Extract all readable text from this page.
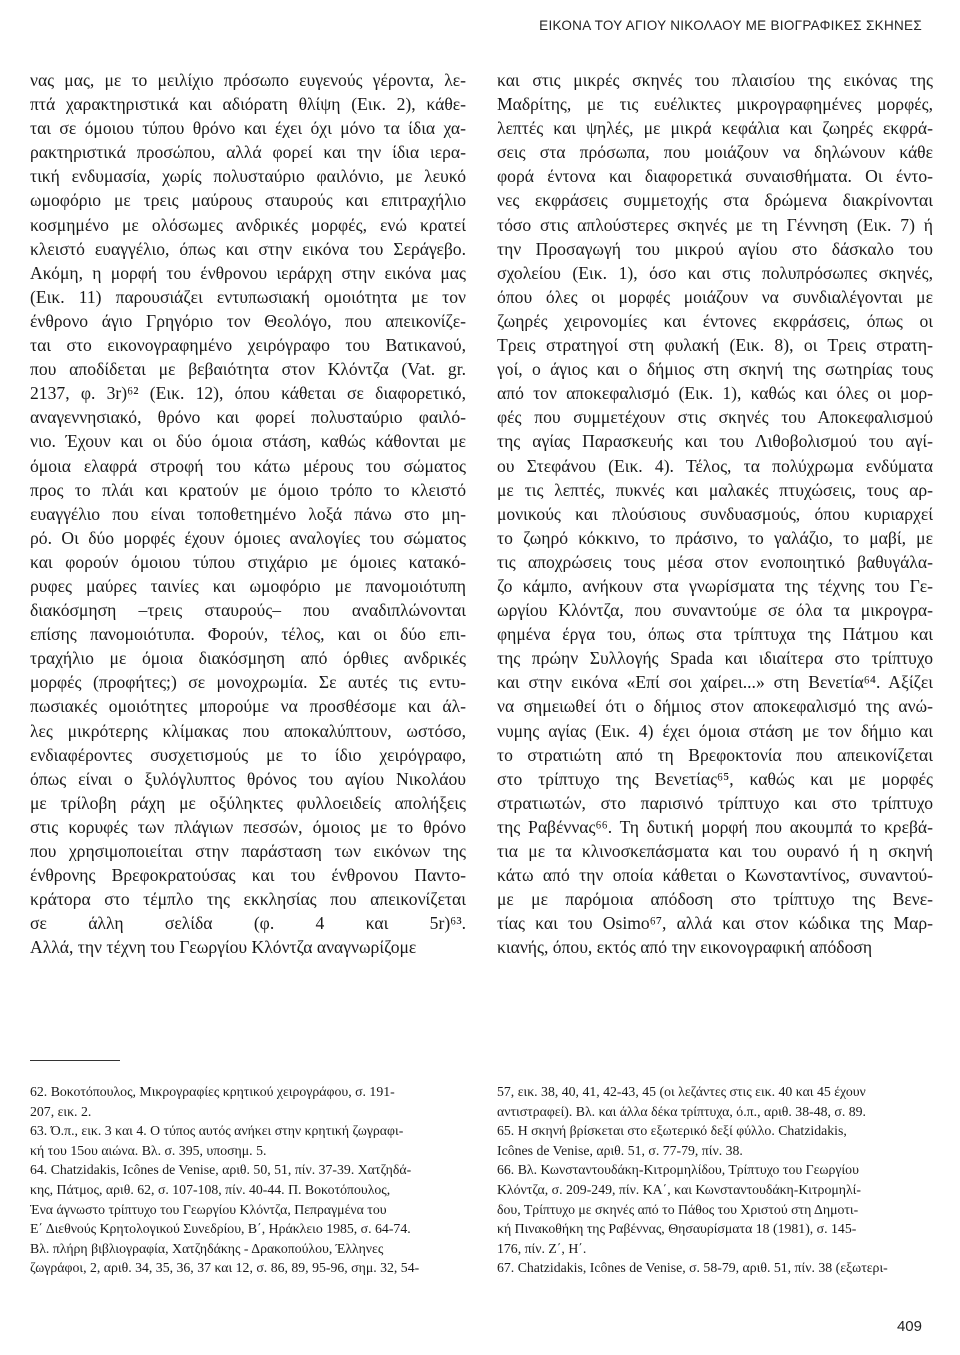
ΕΙΚΟΝΑ ΤΟΥ ΑΓΙΟΥ ΝΙΚΟΛΑΟΥ ΜΕ ΒΙΟΓΡΑΦΙΚΕΣ ΣΚΗΝΕΣ
νας μας, με το μειλίχιο πρόσωπο ευγενούς γέροντα, λε-
πτά χαρακτηριστικά και αδιόρατη θλίψη (Εικ. 2), κάθε-
ται σε όμοιου τύπου θρόνο και έχει όχι μόνο τα ίδια χα-
ρακτηριστικά προσώπου, αλλά φορεί και την ίδια ιερα-
τική ενδυμασία, χωρίς πολυσταύριο φαιλόνιο, με λευκό
ωμοφόριο με τρεις μαύρους σταυρούς και επιτραχήλιο
κοσμημένο με ολόσωμες ανδρικές μορφές, ενώ κρατεί
κλειστό ευαγγέλιο, όπως και στην εικόνα του Σεράγεβο.
Ακόμη, η μορφή του ένθρονου ιεράρχη στην εικόνα μας
(Εικ. 11) παρουσιάζει εντυπωσιακή ομοιότητα με τον
ένθρονο άγιο Γρηγόριο τον Θεολόγο, που απεικονίζε-
ται στο εικονογραφημένο χειρόγραφο του Βατικανού,
που αποδίδεται με βεβαιότητα στον Κλόντζα (Vat. gr.
2137, φ. 3r)⁶² (Εικ. 12), όπου κάθεται σε διαφορετικό,
αναγεννησιακό, θρόνο και φορεί πολυσταύριο φαιλό-
νιο. Έχουν και οι δύο όμοια στάση, καθώς κάθονται με
όμοια ελαφρά στροφή του κάτω μέρους του σώματος
προς το πλάι και κρατούν με όμοιο τρόπο το κλειστό
ευαγγέλιο που είναι τοποθετημένο λοξά πάνω στο μη-
ρό. Οι δύο μορφές έχουν όμοιες αναλογίες του σώματος
και φορούν όμοιου τύπου στιχάριο με όμοιες κατακό-
ρυφες μαύρες ταινίες και ωμοφόριο με πανομοιότυπη
διακόσμηση –τρεις σταυρούς– που αναδιπλώνονται
επίσης πανομοιότυπα. Φορούν, τέλος, και οι δύο επι-
τραχήλιο με όμοια διακόσμηση από όρθιες ανδρικές
μορφές (προφήτες;) σε μονοχρωμία. Σε αυτές τις εντυ-
πωσιακές ομοιότητες μπορούμε να προσθέσομε και άλ-
λες μικρότερης κλίμακας που αποκαλύπτουν, ωστόσο,
ενδιαφέροντες συσχετισμούς με το ίδιο χειρόγραφο,
όπως είναι ο ξυλόγλυπτος θρόνος του αγίου Νικολάου
με τρίλοβη ράχη με οξύληκτες φυλλοειδείς απολήξεις
στις κορυφές των πλάγιων πεσσών, όμοιος με το θρόνο
που χρησιμοποιείται στην παράσταση των εικόνων της
ένθρονης Βρεφοκρατούσας και του ένθρονου Παντο-
κράτορα στο τέμπλο της εκκλησίας που απεικονίζεται
σε άλλη σελίδα (φ. 4 και 5r)⁶³.
Αλλά, την τέχνη του Γεωργίου Κλόντζα αναγνωρίζομε
και στις μικρές σκηνές του πλαισίου της εικόνας της
Μαδρίτης, με τις ευέλικτες μικρογραφημένες μορφές,
λεπτές και ψηλές, με μικρά κεφάλια και ζωηρές εκφρά-
σεις στα πρόσωπα, που μοιάζουν να δηλώνουν κάθε
φορά έντονα και διαφορετικά συναισθήματα. Οι έντο-
νες εκφράσεις συμμετοχής στα δρώμενα διακρίνονται
τόσο στις απλούστερες σκηνές με τη Γέννηση (Εικ. 7) ή
την Προσαγωγή του μικρού αγίου στο δάσκαλο του
σχολείου (Εικ. 1), όσο και στις πολυπρόσωπες σκηνές,
όπου όλες οι μορφές μοιάζουν να συνδιαλέγονται με
ζωηρές χειρονομίες και έντονες εκφράσεις, όπως οι
Τρεις στρατηγοί στη φυλακή (Εικ. 8), οι Τρεις στρατη-
γοί, ο άγιος και ο δήμιος στη σκηνή της σωτηρίας τους
από τον αποκεφαλισμό (Εικ. 1), καθώς και όλες οι μορ-
φές που συμμετέχουν στις σκηνές του Αποκεφαλισμού
της αγίας Παρασκευής και του Λιθοβολισμού του αγί-
ου Στεφάνου (Εικ. 4). Τέλος, τα πολύχρωμα ενδύματα
με τις λεπτές, πυκνές και μαλακές πτυχώσεις, τους αρ-
μονικούς και πλούσιους συνδυασμούς, όπου κυριαρχεί
το ζωηρό κόκκινο, το πράσινο, το γαλάζιο, το μαβί, με
τις αποχρώσεις τους μέσα στον ενοποιητικό βαθυγάλα-
ζο κάμπο, ανήκουν στα γνωρίσματα της τέχνης του Γε-
ωργίου Κλόντζα, που συναντούμε σε όλα τα μικρογρα-
φημένα έργα του, όπως στα τρίπτυχα της Πάτμου και
της πρώην Συλλογής Spada και ιδιαίτερα στο τρίπτυχο
και στην εικόνα «Επί σοι χαίρει...» στη Βενετία⁶⁴. Αξίζει
να σημειωθεί ότι ο δήμιος στον αποκεφαλισμό της ανώ-
νυμης αγίας (Εικ. 4) έχει όμοια στάση με τον δήμιο και
το στρατιώτη από τη Βρεφοκτονία που απεικονίζεται
στο τρίπτυχο της Βενετίας⁶⁵, καθώς και με μορφές
στρατιωτών, στο παρισινό τρίπτυχο και στο τρίπτυχο
της Ραβέννας⁶⁶. Τη δυτική μορφή που ακουμπά το κρεβά-
τια με τα κλινοσκεπάσματα και του ουρανό ή η σκηνή
κάτω από την οποία κάθεται ο Κωνσταντίνος, συναντού-
με με παρόμοια απόδοση στο τρίπτυχο της Βενε-
τίας και του Osimo⁶⁷, αλλά και στον κώδικα της Μαρ-
κιανής, όπου, εκτός από την εικονογραφική απόδοση
62. Βοκοτόπουλος, Μικρογραφίες κρητικού χειρογράφου, σ. 191-
207, εικ. 2.
63. Ό.π., εικ. 3 και 4. Ο τύπος αυτός ανήκει στην κρητική ζωγραφι-
κή του 15ου αιώνα. Βλ. σ. 395, υποσημ. 5.
64. Chatzidakis, Icônes de Venise, αριθ. 50, 51, πίν. 37-39. Χατζηδά-
κης, Πάτμος, αριθ. 62, σ. 107-108, πίν. 40-44. Π. Βοκοτόπουλος,
Ένα άγνωστο τρίπτυχο του Γεωργίου Κλόντζα, Πεπραγμένα του
Ε΄ Διεθνούς Κρητολογικού Συνεδρίου, Β΄, Ηράκλειο 1985, σ. 64-74.
Βλ. πλήρη βιβλιογραφία, Χατζηδάκης - Δρακοπούλου, Έλληνες
ζωγράφοι, 2, αριθ. 34, 35, 36, 37 και 12, σ. 86, 89, 95-96, σημ. 32, 54-
57, εικ. 38, 40, 41, 42-43, 45 (οι λεζάντες στις εικ. 40 και 45 έχουν
αντιστραφεί). Βλ. και άλλα δέκα τρίπτυχα, ό.π., αριθ. 38-48, σ. 89.
65. Η σκηνή βρίσκεται στο εξωτερικό δεξί φύλλο. Chatzidakis,
Icônes de Venise, αριθ. 51, σ. 77-79, πίν. 38.
66. Βλ. Κωνσταντουδάκη-Κιτρομηλίδου, Τρίπτυχο του Γεωργίου
Κλόντζα, σ. 209-249, πίν. ΚΑ΄, και Κωνσταντουδάκη-Κιτρομηλί-
δου, Τρίπτυχο με σκηνές από το Πάθος του Χριστού στη Δημοτι-
κή Πινακοθήκη της Ραβέννας, Θησαυρίσματα 18 (1981), σ. 145-
176, πίν. Ζ΄, Η΄.
67. Chatzidakis, Icônes de Venise, σ. 58-79, αριθ. 51, πίν. 38 (εξωτερι-
409
